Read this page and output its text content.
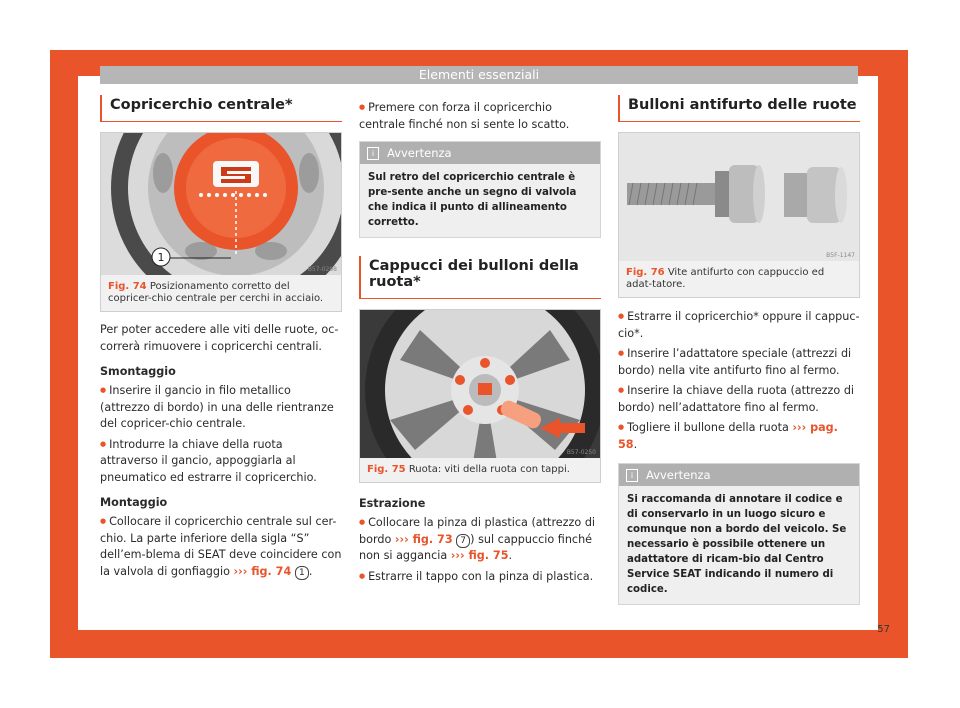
Elementi essenziali
Copricerchio centrale*
1
B57-0298
Fig. 74 Posizionamento corretto del copricer-chio centrale per cerchi in acciaio.

Per poter accedere alle viti delle ruote, oc-correrà rimuovere i copricerchi centrali.

Smontaggio
● Inserire il gancio in filo metallico (attrezzo di bordo) in una delle rientranze del copricer-chio centrale.
● Introdurre la chiave della ruota attraverso il gancio, appoggiarla al pneumatico ed estrarre il copricerchio.
Montaggio
● Collocare il copricerchio centrale sul cer-chio. La parte inferiore della sigla “S” dell’em-blema di SEAT deve coincidere con la valvola di gonfiaggio ››› fig. 74 1 .
● Premere con forza il copricerchio centrale finché non si sente lo scatto.
i Avvertenza
Sul retro del copricerchio centrale è pre-sente anche un segno di valvola che indica il punto di allineamento corretto.
Cappucci dei bulloni della ruota*
B57-0250
Fig. 75 Ruota: viti della ruota con tappi.
Estrazione
● Collocare la pinza di plastica (attrezzo di bordo ››› fig. 73 7 ) sul cappuccio finché non si aggancia ››› fig. 75.
● Estrarre il tappo con la pinza di plastica.
Bulloni antifurto delle ruote
B5F-1147
Fig. 76 Vite antifurto con cappuccio ed adat-tatore.
● Estrarre il copricerchio* oppure il cappuc-cio*.
● Inserire l’adattatore speciale (attrezzi di bordo) nella vite antifurto fino al fermo.
● Inserire la chiave della ruota (attrezzo di bordo) nell’adattatore fino al fermo.
● Togliere il bullone della ruota ››› pag. 58.
i Avvertenza
Si raccomanda di annotare il codice e di conservarlo in un luogo sicuro e comunque non a bordo del veicolo. Se necessario è possibile ottenere un adattatore di ricam-bio dal Centro Service SEAT indicando il numero di codice.
57
